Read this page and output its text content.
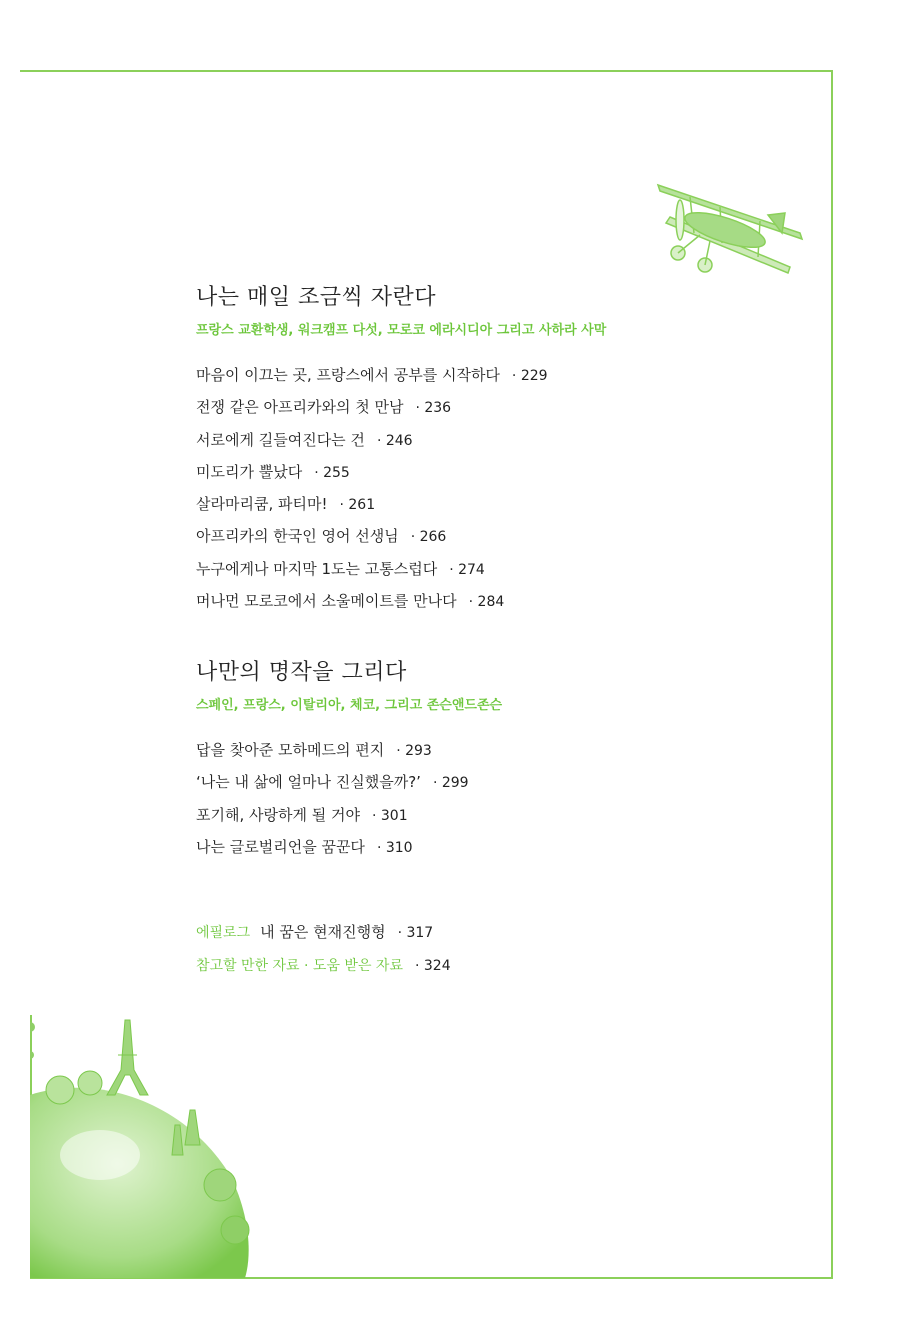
나는 매일 조금씩 자란다
프랑스 교환학생, 워크캠프 다섯, 모로코 에라시디아 그리고 사하라 사막
마음이 이끄는 곳, 프랑스에서 공부를 시작하다 · 229
전쟁 같은 아프리카와의 첫 만남 · 236
서로에게 길들여진다는 건 · 246
미도리가 뿔났다 · 255
살라마리쿰, 파티마! · 261
아프리카의 한국인 영어 선생님 · 266
누구에게나 마지막 1도는 고통스럽다 · 274
머나먼 모로코에서 소울메이트를 만나다 · 284
나만의 명작을 그리다
스페인, 프랑스, 이탈리아, 체코, 그리고 존슨앤드존슨
답을 찾아준 모하메드의 편지 · 293
‘나는 내 삶에 얼마나 진실했을까?’ · 299
포기해, 사랑하게 될 거야 · 301
나는 글로벌리언을 꿈꾼다 · 310
에필로그 내 꿈은 현재진행형 · 317
참고할 만한 자료 · 도움 받은 자료 · 324
